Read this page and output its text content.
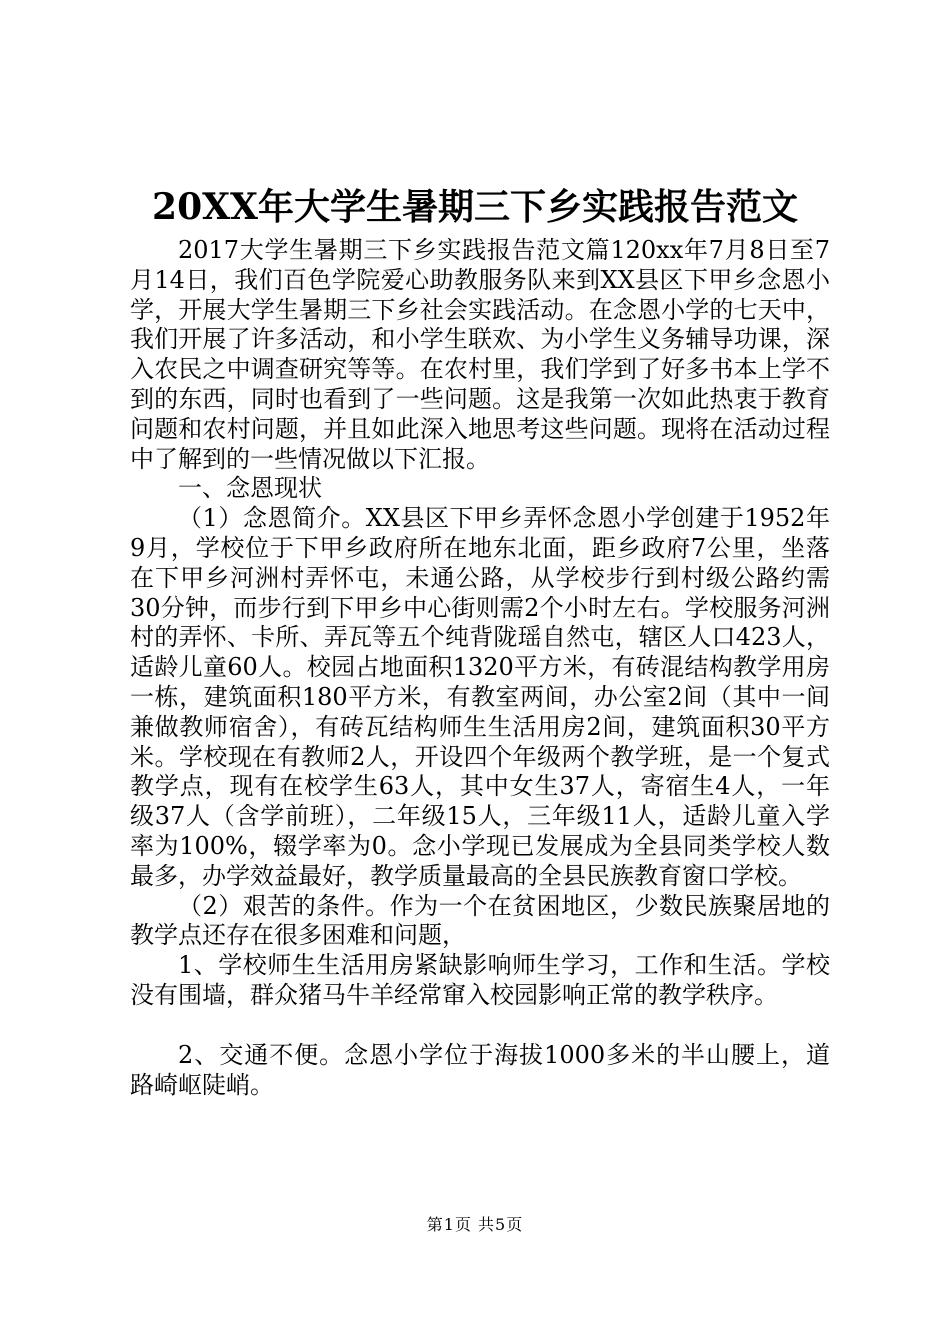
20XX年大学生暑期三下乡实践报告范文

2017大学生暑期三下乡实践报告范文篇120xx年7月8日至7月14日，我们百色学院爱心助教服务队来到XX县区下甲乡念恩小学，开展大学生暑期三下乡社会实践活动。在念恩小学的七天中，我们开展了许多活动，和小学生联欢、为小学生义务辅导功课，深入农民之中调查研究等等。在农村里，我们学到了好多书本上学不到的东西，同时也看到了一些问题。这是我第一次如此热衷于教育问题和农村问题，并且如此深入地思考这些问题。现将在活动过程中了解到的一些情况做以下汇报。

一、念恩现状

（1）念恩简介。XX县区下甲乡弄怀念恩小学创建于1952年9月，学校位于下甲乡政府所在地东北面，距乡政府7公里，坐落在下甲乡河洲村弄怀屯，未通公路，从学校步行到村级公路约需30分钟，而步行到下甲乡中心街则需2个小时左右。学校服务河洲村的弄怀、卡所、弄瓦等五个纯背陇瑶自然屯，辖区人口423人，适龄儿童60人。校园占地面积1320平方米，有砖混结构教学用房一栋，建筑面积180平方米，有教室两间，办公室2间（其中一间兼做教师宿舍），有砖瓦结构师生生活用房2间，建筑面积30平方米。学校现在有教师2人，开设四个年级两个教学班，是一个复式教学点，现有在校学生63人，其中女生37人，寄宿生4人，一年级37人（含学前班），二年级15人，三年级11人，适龄儿童入学率为100%，辍学率为0。念小学现已发展成为全县同类学校人数最多，办学效益最好，教学质量最高的全县民族教育窗口学校。

（2）艰苦的条件。作为一个在贫困地区，少数民族聚居地的教学点还存在很多困难和问题，

1、学校师生生活用房紧缺影响师生学习，工作和生活。学校没有围墙，群众猪马牛羊经常窜入校园影响正常的教学秩序。

2、交通不便。念恩小学位于海拔1000多米的半山腰上，道路崎岖陡峭。

第1页 共5页
